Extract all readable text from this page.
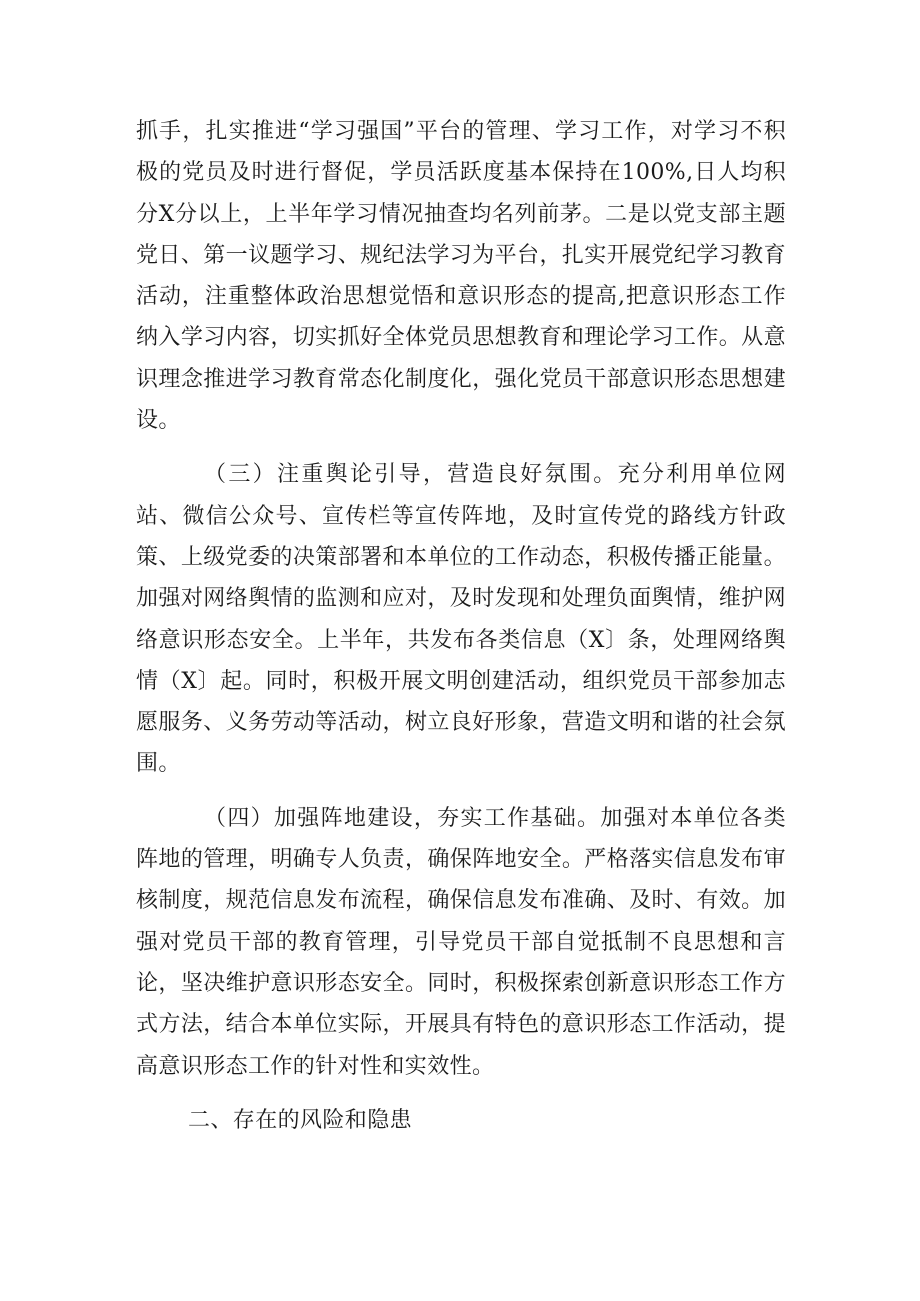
抓手，扎实推进“学习强国”平台的管理、学习工作，对学习不积极的党员及时进行督促，学员活跃度基本保持在100%,日人均积分X分以上，上半年学习情况抽查均名列前茅。二是以党支部主题党日、第一议题学习、规纪法学习为平台，扎实开展党纪学习教育活动，注重整体政治思想觉悟和意识形态的提高,把意识形态工作纳入学习内容，切实抓好全体党员思想教育和理论学习工作。从意识理念推进学习教育常态化制度化，强化党员干部意识形态思想建设。

（三）注重舆论引导，营造良好氛围。充分利用单位网站、微信公众号、宣传栏等宣传阵地，及时宣传党的路线方针政策、上级党委的决策部署和本单位的工作动态，积极传播正能量。加强对网络舆情的监测和应对，及时发现和处理负面舆情，维护网络意识形态安全。上半年，共发布各类信息（X〕条，处理网络舆情（X〕起。同时，积极开展文明创建活动，组织党员干部参加志愿服务、义务劳动等活动，树立良好形象，营造文明和谐的社会氛围。

（四）加强阵地建设，夯实工作基础。加强对本单位各类阵地的管理，明确专人负责，确保阵地安全。严格落实信息发布审核制度，规范信息发布流程，确保信息发布准确、及时、有效。加强对党员干部的教育管理，引导党员干部自觉抵制不良思想和言论，坚决维护意识形态安全。同时，积极探索创新意识形态工作方式方法，结合本单位实际，开展具有特色的意识形态工作活动，提高意识形态工作的针对性和实效性。

二、存在的风险和隐患
